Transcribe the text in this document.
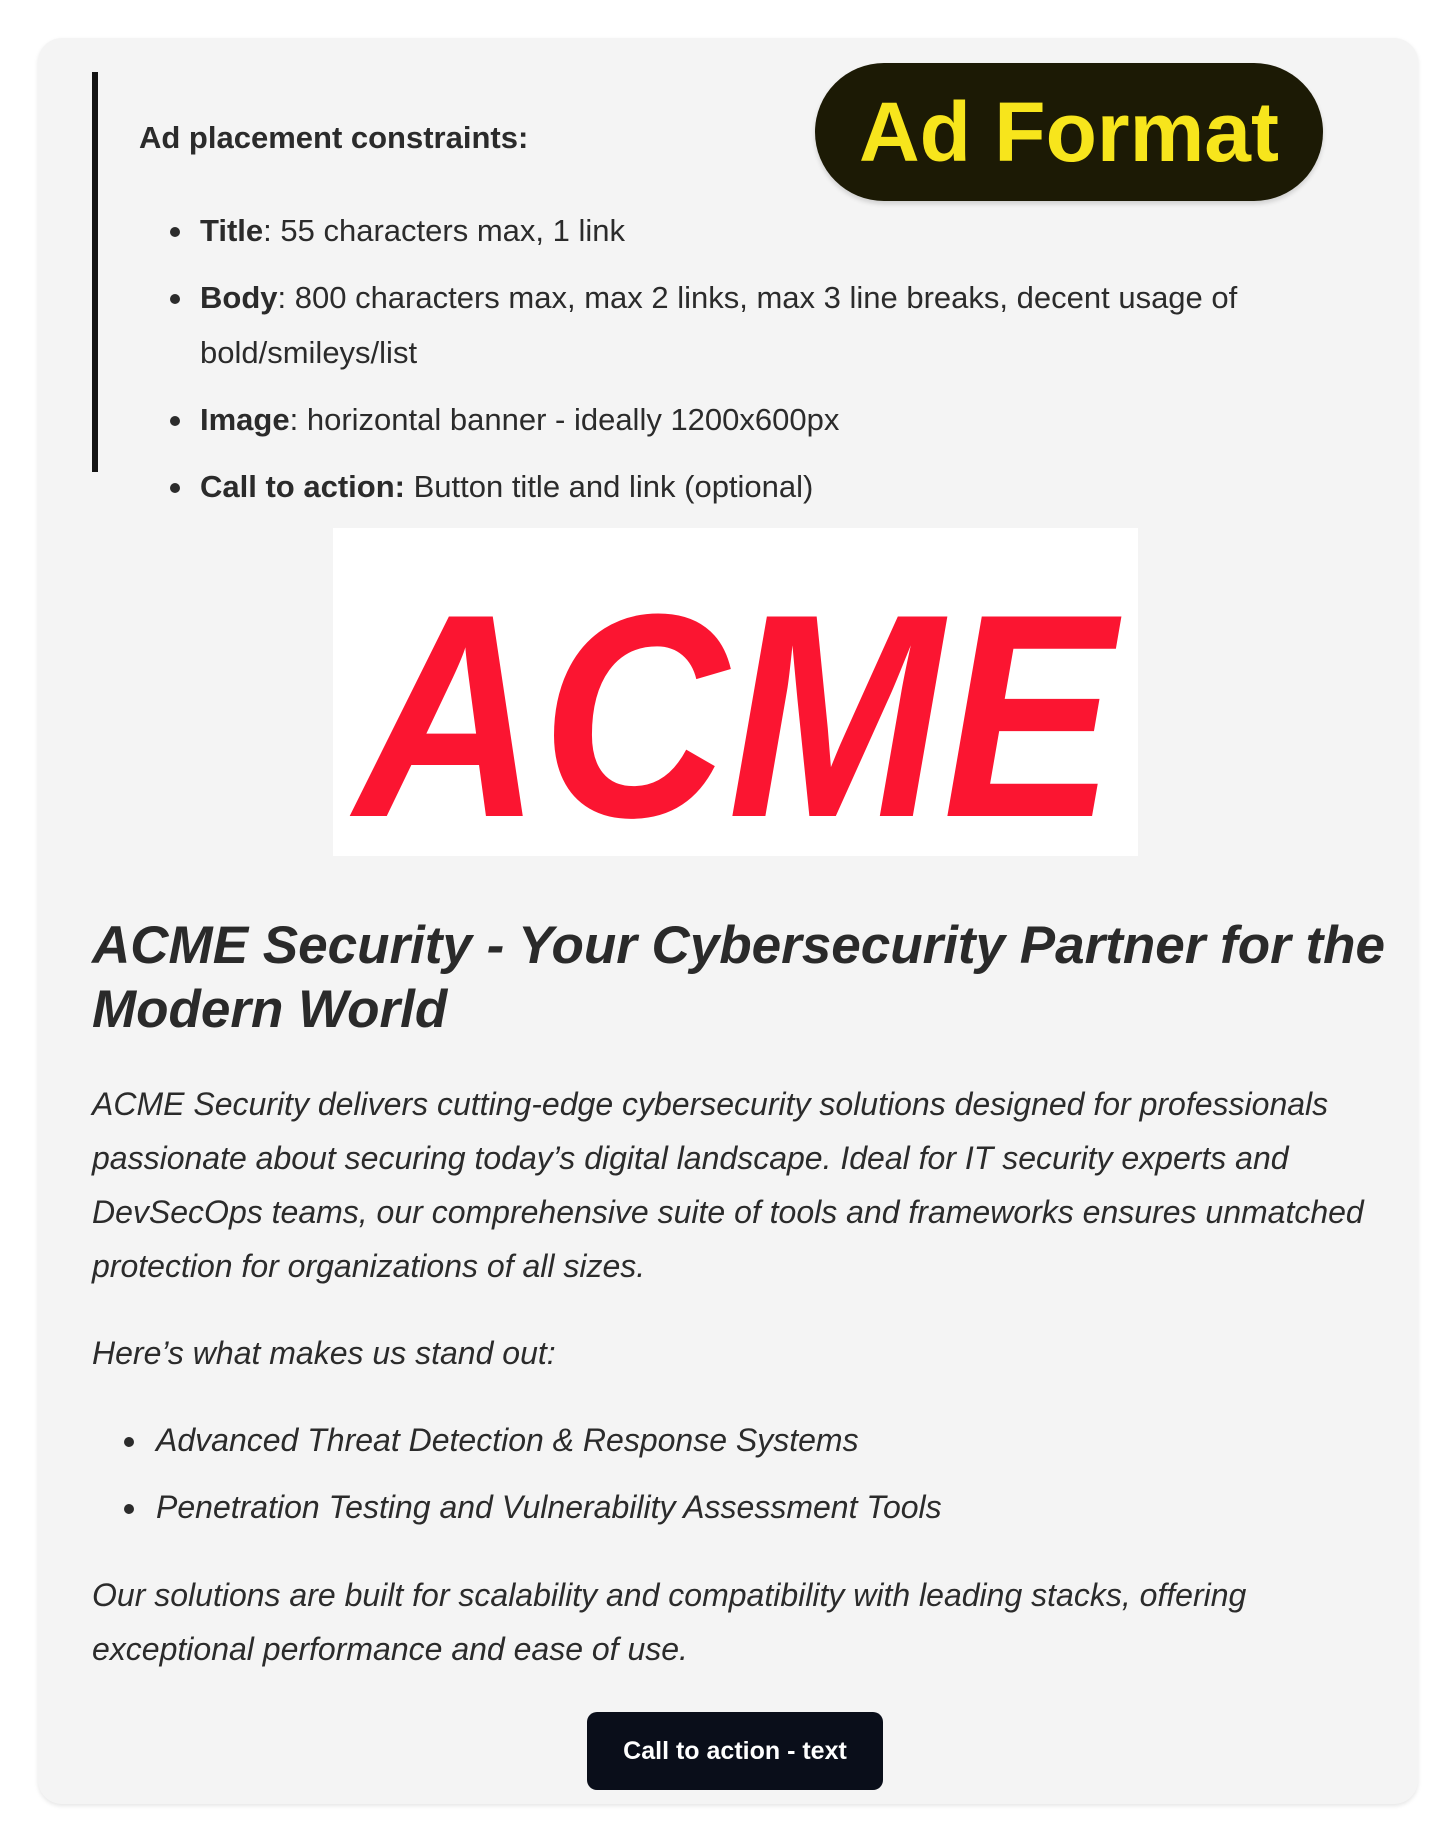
Ad placement constraints:
Title: 55 characters max, 1 link
Body: 800 characters max, max 2 links, max 3 line breaks, decent usage of bold/smileys/list
Image: horizontal banner - ideally 1200x600px
Call to action: Button title and link (optional)
Ad Format
ACME
ACME Security - Your Cybersecurity Partner for the Modern World

ACME Security delivers cutting-edge cybersecurity solutions designed for professionals passionate about securing today’s digital landscape. Ideal for IT security experts and DevSecOps teams, our comprehensive suite of tools and frameworks ensures unmatched protection for organizations of all sizes.

Here’s what makes us stand out:

Advanced Threat Detection & Response Systems
Penetration Testing and Vulnerability Assessment Tools

Our solutions are built for scalability and compatibility with leading stacks, offering exceptional performance and ease of use.

Call to action - text
